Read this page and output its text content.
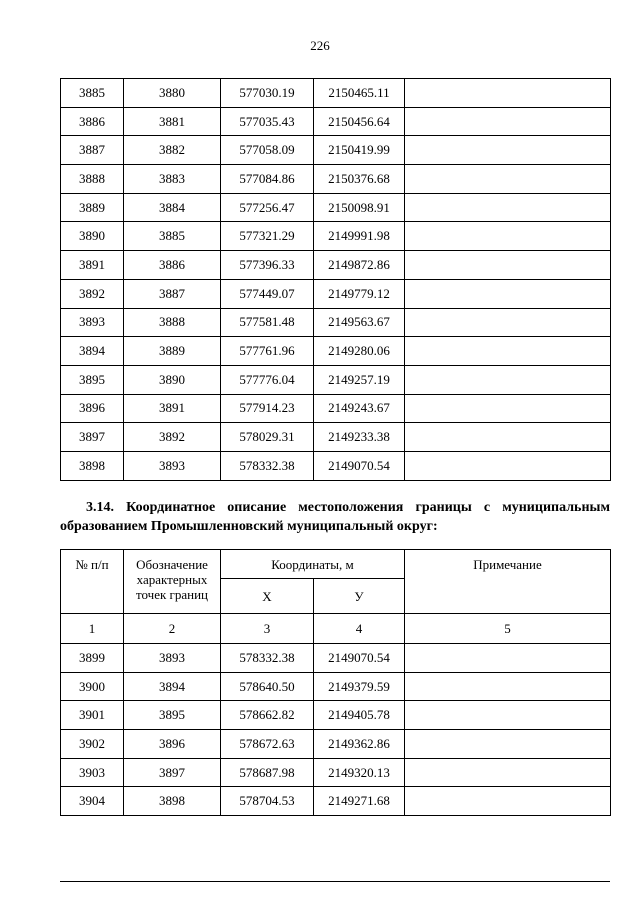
226
3885	3880	577030.19	2150465.11	
3886	3881	577035.43	2150456.64	
3887	3882	577058.09	2150419.99	
3888	3883	577084.86	2150376.68	
3889	3884	577256.47	2150098.91	
3890	3885	577321.29	2149991.98	
3891	3886	577396.33	2149872.86	
3892	3887	577449.07	2149779.12	
3893	3888	577581.48	2149563.67	
3894	3889	577761.96	2149280.06	
3895	3890	577776.04	2149257.19	
3896	3891	577914.23	2149243.67	
3897	3892	578029.31	2149233.38	
3898	3893	578332.38	2149070.54	
3.14. Координатное описание местоположения границы с муниципальным образованием Промышленновский муниципальный округ:
№ п/п	Обозначение характерных точек границ	Координаты, м		Примечание
		Х	У	
1	2	3	4	5
3899	3893	578332.38	2149070.54	
3900	3894	578640.50	2149379.59	
3901	3895	578662.82	2149405.78	
3902	3896	578672.63	2149362.86	
3903	3897	578687.98	2149320.13	
3904	3898	578704.53	2149271.68	
